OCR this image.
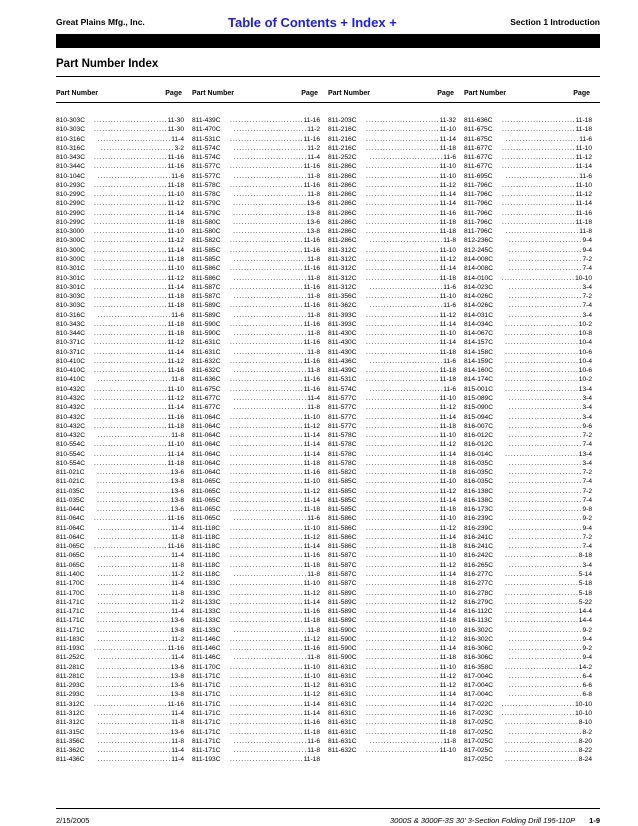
Great Plains Mfg., Inc.	Table of Contents + Index +	Section 1 Introduction
Part Number Index
Part Number	Page
810-303C	.......................... 11-30
810-303C	.......................... 11-30
810-316C	.......................... 11-4
810-316C	.......................... 3-2
810-343C	.......................... 11-16
810-344C	.......................... 11-16
810-104C	.......................... 11-6
810-293C	.......................... 11-18
810-299C	.......................... 11-10
810-299C	.......................... 11-12
810-299C	.......................... 11-14
810-299C	.......................... 11-18
810-3000	.......................... 11-10
810-300C	.......................... 11-12
810-300C	.......................... 11-14
810-300C	.......................... 11-18
810-301C	.......................... 11-10
810-301C	.......................... 11-12
810-301C	.......................... 11-14
810-303C	.......................... 11-18
810-303C	.......................... 11-18
810-316C	.......................... 11-6
810-343C	.......................... 11-18
810-344C	.......................... 11-18
810-371C	.......................... 11-12
810-371C	.......................... 11-14
810-410C	.......................... 11-12
810-410C	.......................... 11-16
810-410C	.......................... 11-8
810-432C	.......................... 11-10
810-432C	.......................... 11-12
810-432C	.......................... 11-14
810-432C	.......................... 11-16
810-432C	.......................... 11-18
810-432C	.......................... 11-8
810-554C	.......................... 11-10
810-554C	.......................... 11-14
810-554C	.......................... 11-18
811-021C	.......................... 13-6
811-021C	.......................... 13-8
811-035C	.......................... 13-6
811-035C	.......................... 13-8
811-044C	.......................... 13-6
811-064C	.......................... 11-16
811-064C	.......................... 11-4
811-064C	.......................... 11-8
811-065C	.......................... 11-16
811-065C	.......................... 11-4
811-065C	.......................... 11-8
811-140C	.......................... 11-2
811-170C	.......................... 11-4
811-170C	.......................... 11-8
811-171C	.......................... 11-2
811-171C	.......................... 11-4
811-171C	.......................... 13-6
811-171C	.......................... 13-8
811-183C	.......................... 11-2
811-193C	.......................... 11-16
811-252C	.......................... 11-4
811-281C	.......................... 13-6
811-281C	.......................... 13-8
811-293C	.......................... 13-6
811-293C	.......................... 13-8
811-312C	.......................... 11-16
811-312C	.......................... 11-4
811-312C	.......................... 11-8
811-315C	.......................... 13-6
811-356C	.......................... 11-8
811-362C	.......................... 11-4
811-436C	.......................... 11-4
Part Number	Page
811-439C	.......................... 11-16
811-470C	.......................... 11-2
811-531C	.......................... 11-16
811-574C	.......................... 11-2
811-574C	.......................... 11-4
811-577C	.......................... 11-16
811-577C	.......................... 11-8
811-578C	.......................... 11-16
811-578C	.......................... 11-8
811-579C	.......................... 13-6
811-579C	.......................... 13-8
811-580C	.......................... 13-6
811-580C	.......................... 13-8
811-582C	.......................... 11-16
811-585C	.......................... 11-16
811-585C	.......................... 11-8
811-586C	.......................... 11-16
811-586C	.......................... 11-8
811-587C	.......................... 11-16
811-587C	.......................... 11-8
811-589C	.......................... 11-16
811-589C	.......................... 11-8
811-590C	.......................... 11-16
811-590C	.......................... 11-8
811-631C	.......................... 11-16
811-631C	.......................... 11-8
811-632C	.......................... 11-16
811-632C	.......................... 11-8
811-636C	.......................... 11-16
811-675C	.......................... 11-16
811-677C	.......................... 11-4
811-677C	.......................... 11-8
811-064C	.......................... 11-10
811-064C	.......................... 11-12
811-064C	.......................... 11-14
811-064C	.......................... 11-14
811-064C	.......................... 11-14
811-064C	.......................... 11-18
811-064C	.......................... 11-16
811-065C	.......................... 11-10
811-065C	.......................... 11-12
811-065C	.......................... 11-14
811-065C	.......................... 11-18
811-065C	.......................... 11-6
811-118C	.......................... 11-10
811-118C	.......................... 11-12
811-118C	.......................... 11-14
811-118C	.......................... 11-16
811-118C	.......................... 11-18
811-118C	.......................... 11-8
811-133C	.......................... 11-10
811-133C	.......................... 11-12
811-133C	.......................... 11-14
811-133C	.......................... 11-16
811-133C	.......................... 11-18
811-133C	.......................... 11-8
811-146C	.......................... 11-12
811-146C	.......................... 11-16
811-146C	.......................... 11-8
811-170C	.......................... 11-10
811-171C	.......................... 11-10
811-171C	.......................... 11-12
811-171C	.......................... 11-12
811-171C	.......................... 11-14
811-171C	.......................... 11-14
811-171C	.......................... 11-16
811-171C	.......................... 11-18
811-171C	.......................... 11-6
811-171C	.......................... 11-8
811-193C	.......................... 11-18
Part Number	Page
811-203C	.......................... 11-32
811-216C	.......................... 11-10
811-216C	.......................... 11-14
811-216C	.......................... 11-18
811-252C	.......................... 11-6
811-286C	.......................... 11-10
811-286C	.......................... 11-10
811-286C	.......................... 11-12
811-286C	.......................... 11-14
811-286C	.......................... 11-14
811-286C	.......................... 11-16
811-286C	.......................... 11-18
811-286C	.......................... 11-18
811-286C	.......................... 11-8
811-312C	.......................... 11-10
811-312C	.......................... 11-12
811-312C	.......................... 11-14
811-312C	.......................... 11-18
811-312C	.......................... 11-6
811-356C	.......................... 11-10
811-362C	.......................... 11-6
811-393C	.......................... 11-12
811-393C	.......................... 11-14
811-430C	.......................... 11-10
811-430C	.......................... 11-14
811-430C	.......................... 11-18
811-436C	.......................... 11-6
811-439C	.......................... 11-18
811-531C	.......................... 11-18
811-574C	.......................... 11-6
811-577C	.......................... 11-10
811-577C	.......................... 11-12
811-577C	.......................... 11-14
811-577C	.......................... 11-18
811-578C	.......................... 11-10
811-578C	.......................... 11-12
811-578C	.......................... 11-14
811-578C	.......................... 11-18
811-582C	.......................... 11-18
811-585C	.......................... 11-10
811-585C	.......................... 11-12
811-585C	.......................... 11-14
811-585C	.......................... 11-18
811-586C	.......................... 11-10
811-586C	.......................... 11-12
811-586C	.......................... 11-14
811-586C	.......................... 11-18
811-587C	.......................... 11-10
811-587C	.......................... 11-12
811-587C	.......................... 11-14
811-587C	.......................... 11-18
811-589C	.......................... 11-10
811-589C	.......................... 11-12
811-589C	.......................... 11-14
811-589C	.......................... 11-18
811-590C	.......................... 11-10
811-590C	.......................... 11-12
811-590C	.......................... 11-14
811-590C	.......................... 11-18
811-631C	.......................... 11-10
811-631C	.......................... 11-12
811-631C	.......................... 11-12
811-631C	.......................... 11-14
811-631C	.......................... 11-14
811-631C	.......................... 11-16
811-631C	.......................... 11-18
811-631C	.......................... 11-18
811-631C	.......................... 11-8
811-632C	.......................... 11-10
Part Number	Page
811-636C	.......................... 11-18
811-675C	.......................... 11-18
811-675C	.......................... 11-6
811-677C	.......................... 11-10
811-677C	.......................... 11-12
811-677C	.......................... 11-14
811-695C	.......................... 11-6
811-796C	.......................... 11-10
811-796C	.......................... 11-12
811-796C	.......................... 11-14
811-796C	.......................... 11-16
811-796C	.......................... 11-18
811-796C	.......................... 11-8
812-236C	.......................... 9-4
812-245C	.......................... 9-4
814-008C	.......................... 7-2
814-008C	.......................... 7-4
814-010C	.......................... 10-10
814-023C	.......................... 3-4
814-026C	.......................... 7-2
814-026C	.......................... 7-4
814-031C	.......................... 3-4
814-034C	.......................... 10-2
814-067C	.......................... 10-8
814-157C	.......................... 10-4
814-158C	.......................... 10-6
814-159C	.......................... 10-4
814-160C	.......................... 10-6
814-174C	.......................... 10-2
815-001C	.......................... 13-4
815-089C	.......................... 3-4
815-090C	.......................... 3-4
815-094C	.......................... 3-4
816-007C	.......................... 9-6
816-012C	.......................... 7-2
816-012C	.......................... 7-4
816-014C	.......................... 13-4
816-035C	.......................... 3-4
816-035C	.......................... 7-2
816-035C	.......................... 7-4
816-138C	.......................... 7-2
816-138C	.......................... 7-4
816-173C	.......................... 9-8
816-239C	.......................... 9-2
816-239C	.......................... 9-4
816-241C	.......................... 7-2
816-241C	.......................... 7-4
816-242C	.......................... 8-18
816-265C	.......................... 3-4
816-277C	.......................... 5-14
816-277C	.......................... 5-18
816-278C	.......................... 5-18
816-279C	.......................... 5-22
816-112C	.......................... 14-4
816-113C	.......................... 14-4
816-302C	.......................... 9-2
816-302C	.......................... 9-4
816-306C	.......................... 9-2
816-306C	.......................... 9-4
816-358C	.......................... 14-2
817-004C	.......................... 6-4
817-004C	.......................... 6-6
817-004C	.......................... 6-8
817-022C	.......................... 10-10
817-023C	.......................... 10-10
817-025C	.......................... 8-10
817-025C	.......................... 8-2
817-025C	.......................... 8-20
817-025C	.......................... 8-22
817-025C	.......................... 8-24
2/15/2005	3000S & 3000F-3S 30' 3-Section Folding Drill 195-110P 1-9
